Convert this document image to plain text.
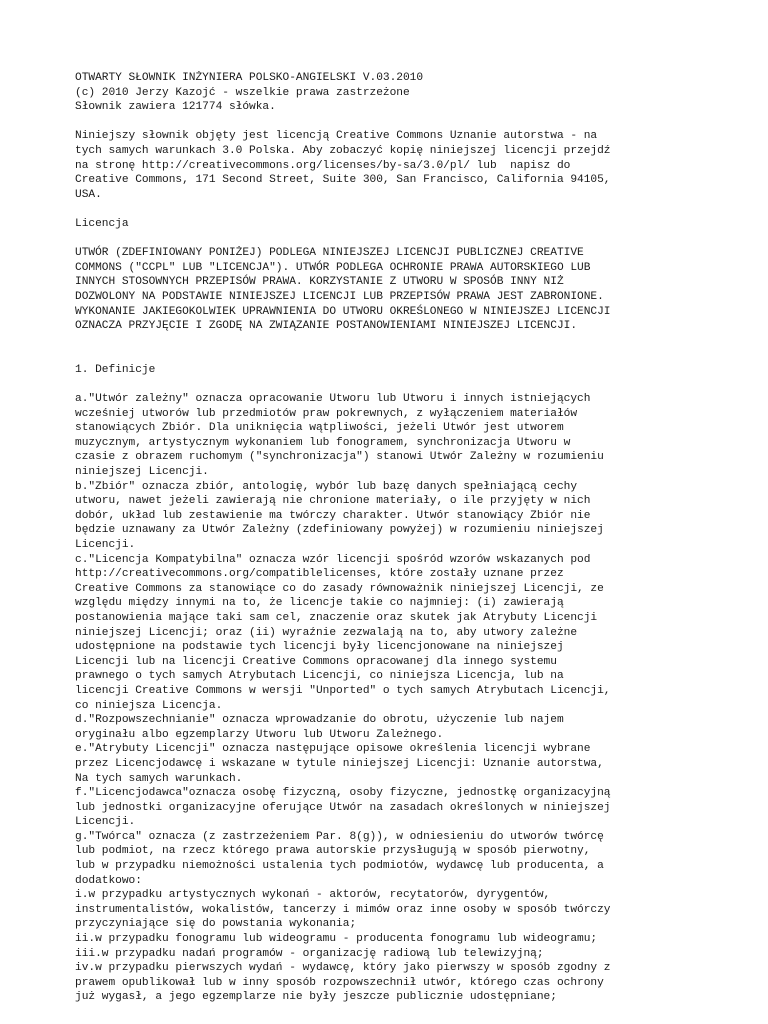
OTWARTY SŁOWNIK INŻYNIERA POLSKO-ANGIELSKI V.03.2010
(c) 2010 Jerzy Kazojć - wszelkie prawa zastrzeżone
Słownik zawiera 121774 słówka.
Niniejszy słownik objęty jest licencją Creative Commons Uznanie autorstwa - na
tych samych warunkach 3.0 Polska. Aby zobaczyć kopię niniejszej licencji przejdź
na stronę http://creativecommons.org/licenses/by-sa/3.0/pl/ lub  napisz do
Creative Commons, 171 Second Street, Suite 300, San Francisco, California 94105,
USA.
Licencja
UTWÓR (ZDEFINIOWANY PONIŻEJ) PODLEGA NINIEJSZEJ LICENCJI PUBLICZNEJ CREATIVE
COMMONS ("CCPL" LUB "LICENCJA"). UTWÓR PODLEGA OCHRONIE PRAWA AUTORSKIEGO LUB
INNYCH STOSOWNYCH PRZEPISÓW PRAWA. KORZYSTANIE Z UTWORU W SPOSÓB INNY NIŻ
DOZWOLONY NA PODSTAWIE NINIEJSZEJ LICENCJI LUB PRZEPISÓW PRAWA JEST ZABRONIONE.
WYKONANIE JAKIEGOKOLWIEK UPRAWNIENIA DO UTWORU OKREŚLONEGO W NINIEJSZEJ LICENCJI
OZNACZA PRZYJĘCIE I ZGODĘ NA ZWIĄZANIE POSTANOWIENIAMI NINIEJSZEJ LICENCJI.
1. Definicje
a."Utwór zależny" oznacza opracowanie Utworu lub Utworu i innych istniejących
wcześniej utworów lub przedmiotów praw pokrewnych, z wyłączeniem materiałów
stanowiących Zbiór. Dla uniknięcia wątpliwości, jeżeli Utwór jest utworem
muzycznym, artystycznym wykonaniem lub fonogramem, synchronizacja Utworu w
czasie z obrazem ruchomym ("synchronizacja") stanowi Utwór Zależny w rozumieniu
niniejszej Licencji.
b."Zbiór" oznacza zbiór, antologię, wybór lub bazę danych spełniającą cechy
utworu, nawet jeżeli zawierają nie chronione materiały, o ile przyjęty w nich
dobór, układ lub zestawienie ma twórczy charakter. Utwór stanowiący Zbiór nie
będzie uznawany za Utwór Zależny (zdefiniowany powyżej) w rozumieniu niniejszej
Licencji.
c."Licencja Kompatybilna" oznacza wzór licencji spośród wzorów wskazanych pod
http://creativecommons.org/compatiblelicenses, które zostały uznane przez
Creative Commons za stanowiące co do zasady równoważnik niniejszej Licencji, ze
względu między innymi na to, że licencje takie co najmniej: (i) zawierają
postanowienia mające taki sam cel, znaczenie oraz skutek jak Atrybuty Licencji
niniejszej Licencji; oraz (ii) wyraźnie zezwalają na to, aby utwory zależne
udostępnione na podstawie tych licencji były licencjonowane na niniejszej
Licencji lub na licencji Creative Commons opracowanej dla innego systemu
prawnego o tych samych Atrybutach Licencji, co niniejsza Licencja, lub na
licencji Creative Commons w wersji "Unported" o tych samych Atrybutach Licencji,
co niniejsza Licencja.
d."Rozpowszechnianie" oznacza wprowadzanie do obrotu, użyczenie lub najem
oryginału albo egzemplarzy Utworu lub Utworu Zależnego.
e."Atrybuty Licencji" oznacza następujące opisowe określenia licencji wybrane
przez Licencjodawcę i wskazane w tytule niniejszej Licencji: Uznanie autorstwa,
Na tych samych warunkach.
f."Licencjodawca"oznacza osobę fizyczną, osoby fizyczne, jednostkę organizacyjną
lub jednostki organizacyjne oferujące Utwór na zasadach określonych w niniejszej
Licencji.
g."Twórca" oznacza (z zastrzeżeniem Par. 8(g)), w odniesieniu do utworów twórcę
lub podmiot, na rzecz którego prawa autorskie przysługują w sposób pierwotny,
lub w przypadku niemożności ustalenia tych podmiotów, wydawcę lub producenta, a
dodatkowo:
i.w przypadku artystycznych wykonań - aktorów, recytatorów, dyrygentów,
instrumentalistów, wokalistów, tancerzy i mimów oraz inne osoby w sposób twórczy
przyczyniające się do powstania wykonania;
ii.w przypadku fonogramu lub wideogramu - producenta fonogramu lub wideogramu;
iii.w przypadku nadań programów - organizację radiową lub telewizyjną;
iv.w przypadku pierwszych wydań - wydawcę, który jako pierwszy w sposób zgodny z
prawem opublikował lub w inny sposób rozpowszechnił utwór, którego czas ochrony
już wygasł, a jego egzemplarze nie były jeszcze publicznie udostępniane;
